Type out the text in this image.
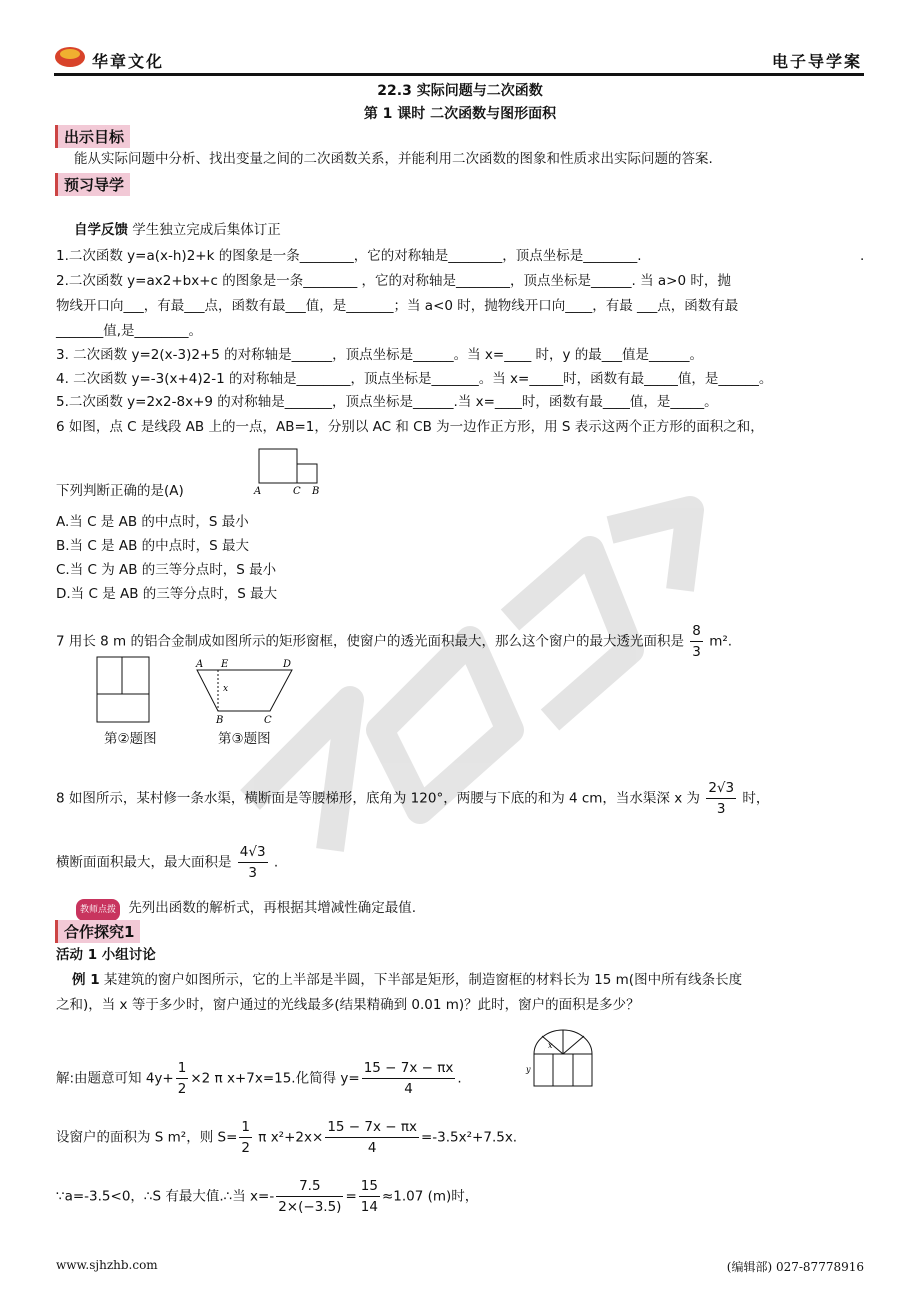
华章文化	电子导学案
22.3 实际问题与二次函数
第 1 课时 二次函数与图形面积
出示目标
能从实际问题中分析、找出变量之间的二次函数关系，并能利用二次函数的图象和性质求出实际问题的答案.
预习导学
自学反馈 学生独立完成后集体订正
1.二次函数 y=a(x-h)2+k 的图象是一条________，它的对称轴是________，顶点坐标是________.	.
2.二次函数 y=ax2+bx+c 的图象是一条________ ，它的对称轴是________，顶点坐标是______. 当 a>0 时，抛
物线开口向___，有最___点，函数有最___值，是_______；当 a<0 时，抛物线开口向____，有最 ___点，函数有最
_______值,是________。
3. 二次函数 y=2(x-3)2+5 的对称轴是______，顶点坐标是______。当 x=____ 时，y 的最___值是______。
4. 二次函数 y=-3(x+4)2-1 的对称轴是________，顶点坐标是_______。当 x=_____时，函数有最_____值，是______。
5.二次函数 y=2x2-8x+9 的对称轴是_______，顶点坐标是______.当 x=____时，函数有最____值，是_____。
6 如图，点 C 是线段 AB 上的一点，AB=1，分别以 AC 和 CB 为一边作正方形，用 S 表示这两个正方形的面积之和，
A	C B
下列判断正确的是(A)
A.当 C 是 AB 的中点时，S 最小
B.当 C 是 AB 的中点时，S 最大
C.当 C 为 AB 的三等分点时，S 最小
D.当 C 是 AB 的三等分点时，S 最大
7 用长 8 m 的铝合金制成如图所示的矩形窗框，使窗户的透光面积最大，那么这个窗户的最大透光面积是 $\frac{8}{3} m^2$.
第②题图
A E	D
x
B	C
第③题图
8 如图所示，某村修一条水渠，横断面是等腰梯形，底角为 120°，两腰与下底的和为 4 cm，当水渠深 x 为 $\frac{2√3}{3}$ 时，
横断面面积最大，最大面积是 $\frac{4√3}{3}$ .
教师点拨 先列出函数的解析式，再根据其增减性确定最值.
合作探究1
活动 1 小组讨论
例 1 某建筑的窗户如图所示，它的上半部是半圆，下半部是矩形，制造窗框的材料长为 15 m(图中所有线条长度
之和)，当 x 等于多少时，窗户通过的光线最多(结果精确到 0.01 m)？此时，窗户的面积是多少？
x
y
解:由题意可知 $4y+ \frac{1}{2} \times 2$ π x+7x=15.化简得 $y= \frac{15 - 7x - \pi x}{4}$ .
设窗户的面积为 S m²，则 $S= \frac{1}{2}$ π $x^2+2x\times \frac{15 - 7x - \pi x}{4} =-3.5x^2+7.5x$.
∵a=-3.5<0，∴S 有最大值.∴当 $x=- \frac{7.5}{2\times(-3.5)} = \frac{15}{14} \approx 1.07$ (m)时，
www.sjhzhb.com	(编辑部) 027-87778916
